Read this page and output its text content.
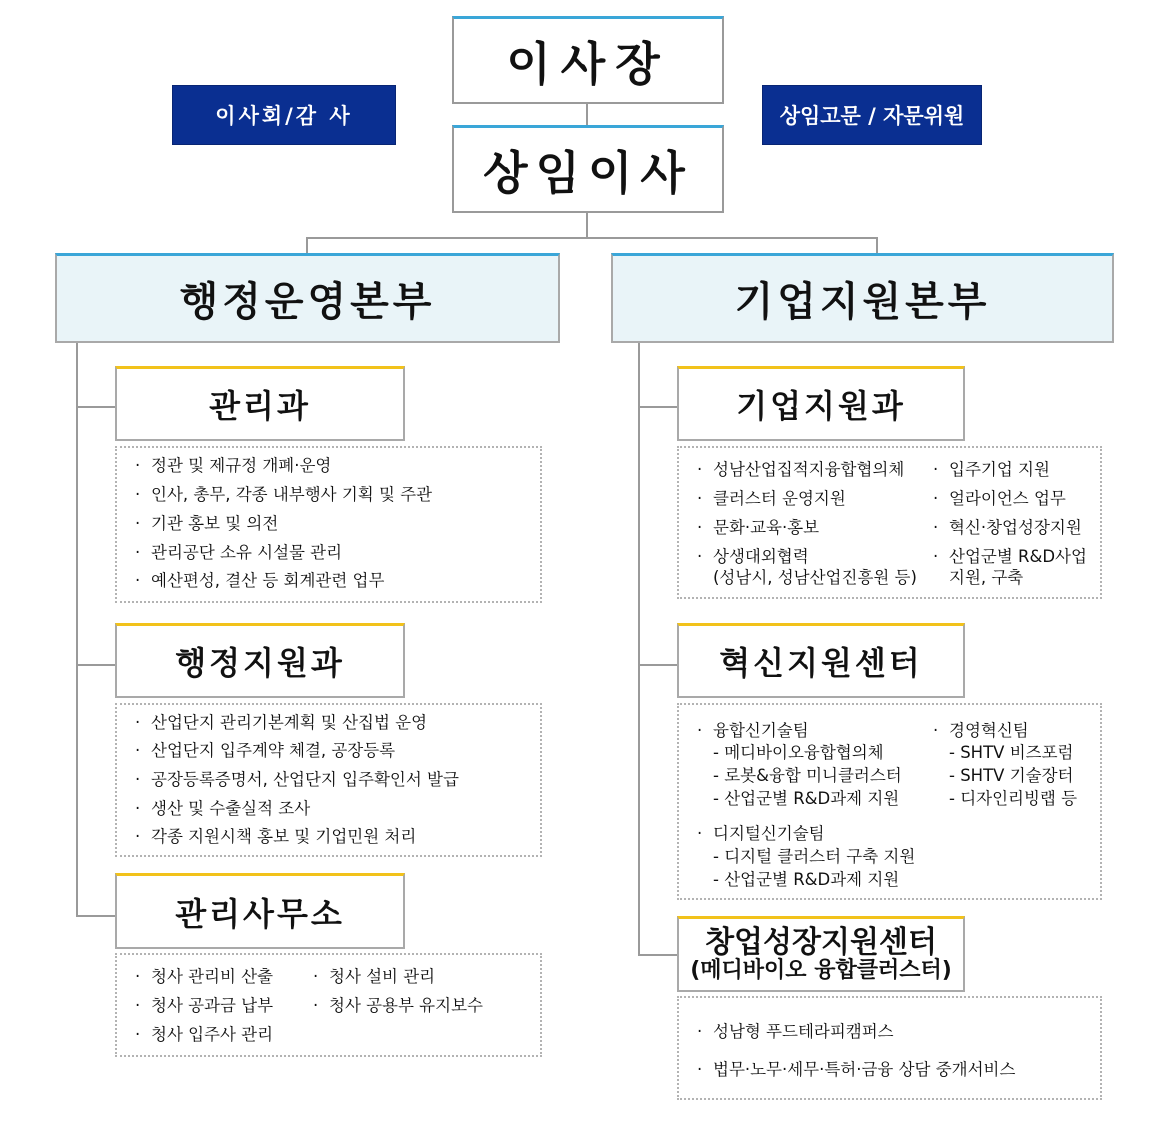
이사장
이사회/감 사	상임고문 / 자문위원
상임이사
행정운영본부	기업지원본부
관리과
· 정관 및 제규정 개폐·운영
· 인사, 총무, 각종 내부행사 기획 및 주관
· 기관 홍보 및 의전
· 관리공단 소유 시설물 관리
· 예산편성, 결산 등 회계관련 업무
행정지원과
· 산업단지 관리기본계획 및 산집법 운영
· 산업단지 입주계약 체결, 공장등록
· 공장등록증명서, 산업단지 입주확인서 발급
· 생산 및 수출실적 조사
· 각종 지원시책 홍보 및 기업민원 처리
관리사무소
· 청사 관리비 산출 · 청사 설비 관리
· 청사 공과금 납부 · 청사 공용부 유지보수
· 청사 입주사 관리
기업지원과
· 성남산업집적지융합협의체
· 클러스터 운영지원
· 문화·교육·홍보
· 상생대외협력
(성남시, 성남산업진흥원 등)
· 입주기업 지원
· 얼라이언스 업무
· 혁신·창업성장지원
· 산업군별 R&D사업
지원, 구축
혁신지원센터
· 융합신기술팀
- 메디바이오융합협의체
- 로봇&융합 미니클러스터
- 산업군별 R&D과제 지원
· 경영혁신팀
- SHTV 비즈포럼
- SHTV 기술장터
- 디자인리빙랩 등
· 디지털신기술팀
- 디지털 클러스터 구축 지원
- 산업군별 R&D과제 지원
창업성장지원센터
(메디바이오 융합클러스터)
· 성남형 푸드테라피캠퍼스
· 법무·노무·세무·특허·금융 상담 중개서비스
